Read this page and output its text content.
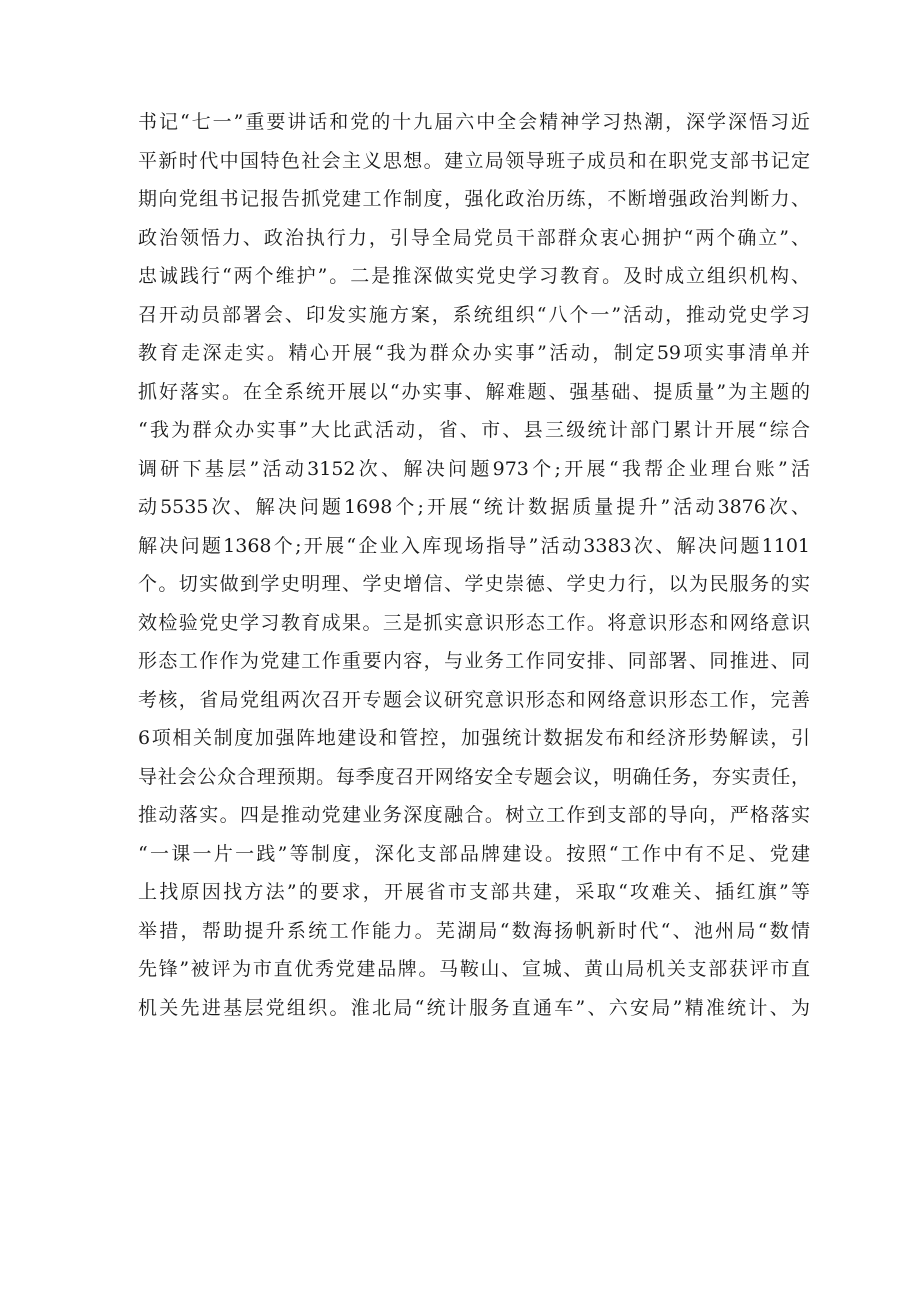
书记“七一”重要讲话和党的十九届六中全会精神学习热潮，深学深悟习近
平新时代中国特色社会主义思想。建立局领导班子成员和在职党支部书记定
期向党组书记报告抓党建工作制度，强化政治历练，不断增强政治判断力、
政治领悟力、政治执行力，引导全局党员干部群众衷心拥护“两个确立”、
忠诚践行“两个维护”。二是推深做实党史学习教育。及时成立组织机构、
召开动员部署会、印发实施方案，系统组织“八个一”活动，推动党史学习
教育走深走实。精心开展“我为群众办实事”活动，制定59项实事清单并
抓好落实。在全系统开展以“办实事、解难题、强基础、提质量”为主题的
“我为群众办实事”大比武活动，省、市、县三级统计部门累计开展“综合
调研下基层”活动3152次、解决问题973个;开展“我帮企业理台账”活
动5535次、解决问题1698个;开展“统计数据质量提升”活动3876次、
解决问题1368个;开展“企业入库现场指导”活动3383次、解决问题1101
个。切实做到学史明理、学史增信、学史崇德、学史力行，以为民服务的实
效检验党史学习教育成果。三是抓实意识形态工作。将意识形态和网络意识
形态工作作为党建工作重要内容，与业务工作同安排、同部署、同推进、同
考核，省局党组两次召开专题会议研究意识形态和网络意识形态工作，完善
6项相关制度加强阵地建设和管控，加强统计数据发布和经济形势解读，引
导社会公众合理预期。每季度召开网络安全专题会议，明确任务，夯实责任，
推动落实。四是推动党建业务深度融合。树立工作到支部的导向，严格落实
“一课一片一践”等制度，深化支部品牌建设。按照“工作中有不足、党建
上找原因找方法”的要求，开展省市支部共建，采取“攻难关、插红旗”等
举措，帮助提升系统工作能力。芜湖局“数海扬帆新时代“、池州局“数情
先锋”被评为市直优秀党建品牌。马鞍山、宣城、黄山局机关支部获评市直
机关先进基层党组织。淮北局“统计服务直通车”、六安局”精准统计、为
